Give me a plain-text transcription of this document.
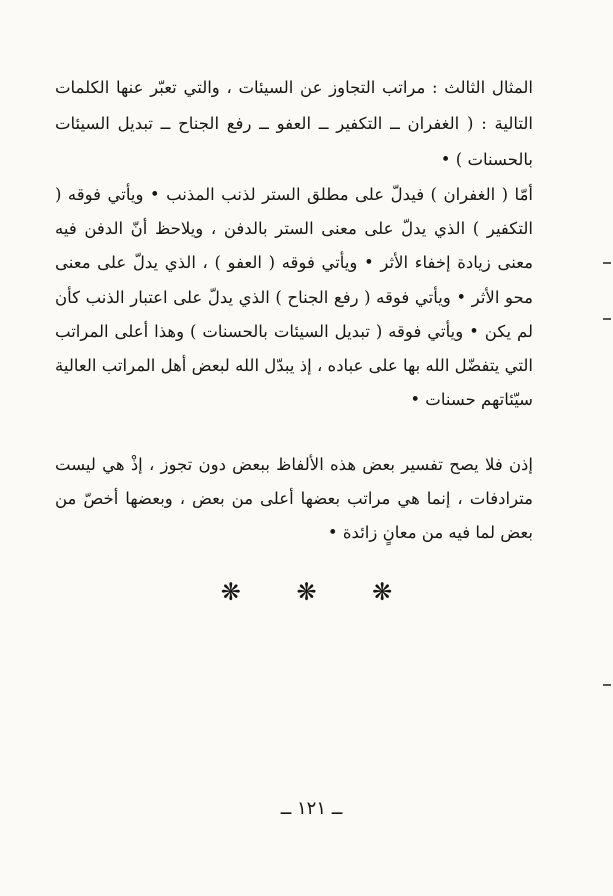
المثال الثالث : مراتب التجاوز عن السيئات ، والتي تعبّر عنها الكلمات التالية : ( الغفران ــ التكفير ــ العفو ــ رفع الجناح ــ تبديل السيئات بالحسنات ) •

أمّا ( الغفران ) فيدلّ على مطلق الستر لذنب المذنب • ويأتي فوقه ( التكفير ) الذي يدلّ على معنى الستر بالدفن ، ويلاحظ أنّ الدفن فيه معنى زيادة إخفاء الأثر • ويأتي فوقه ( العفو ) ، الذي يدلّ على معنى محو الأثر • ويأتي فوقه ( رفع الجناح ) الذي يدلّ على اعتبار الذنب كأن لم يكن • ويأتي فوقه ( تبديل السيئات بالحسنات ) وهذا أعلى المراتب التي يتفضّل الله بها على عباده ، إذ يبدّل الله لبعض أهل المراتب العالية سيّئاتهم حسنات •

إذن فلا يصح تفسير بعض هذه الألفاظ ببعض دون تجوز ، إذْ هي ليست مترادفات ، إنما هي مراتب بعضها أعلى من بعض ، وبعضها أخصّ من بعض لما فيه من معانٍ زائدة •

❋ ❋ ❋
ــ ١٢١ ــ
